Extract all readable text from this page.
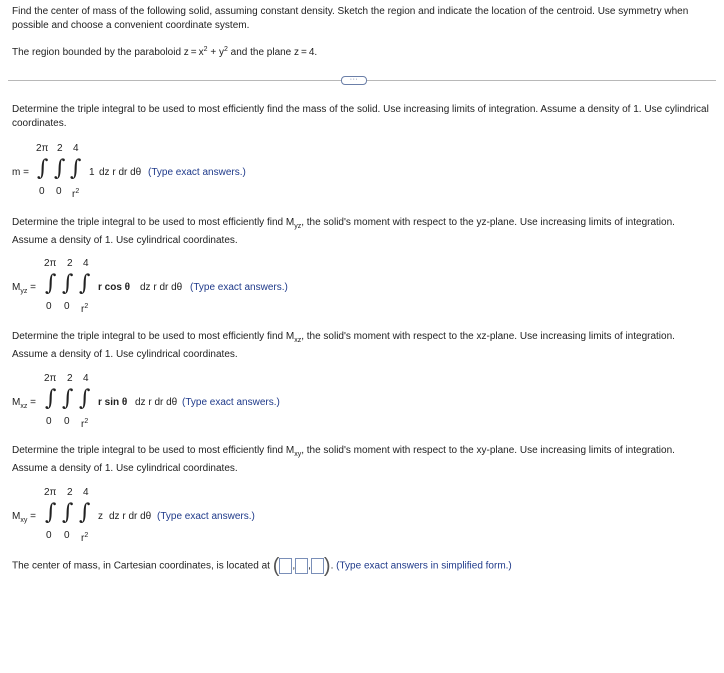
Find the center of mass of the following solid, assuming constant density. Sketch the region and indicate the location of the centroid. Use symmetry when possible and choose a convenient coordinate system.
The region bounded by the paraboloid $z = x^2 + y^2$ and the plane z = 4.
···
Determine the triple integral to be used to most efficiently find the mass of the solid. Use increasing limits of integration. Assume a density of 1. Use cylindrical coordinates.
2π 2 4
m = ∫ ∫ ∫ 1 dz r dr dθ (Type exact answers.)
0 0 $r^2$
Determine the triple integral to be used to most efficiently find $M_{yz}$, the solid's moment with respect to the yz-plane. Use increasing limits of integration. Assume a density of 1. Use cylindrical coordinates.
2π 2 4
$M_{yz}$ = ∫ ∫ ∫ r cos θ dz r dr dθ (Type exact answers.)
0 0 $r^2$
Determine the triple integral to be used to most efficiently find $M_{xz}$, the solid's moment with respect to the xz-plane. Use increasing limits of integration. Assume a density of 1. Use cylindrical coordinates.
2π 2 4
$M_{xz}$ = ∫ ∫ ∫ r sin θ dz r dr dθ (Type exact answers.)
0 0 $r^2$
Determine the triple integral to be used to most efficiently find $M_{xy}$, the solid's moment with respect to the xy-plane. Use increasing limits of integration. Assume a density of 1. Use cylindrical coordinates.
2π 2 4
$M_{xy}$ = ∫ ∫ ∫ z dz r dr dθ (Type exact answers.)
0 0 $r^2$
The center of mass, in Cartesian coordinates, is located at ( , , ). (Type exact answers in simplified form.)
